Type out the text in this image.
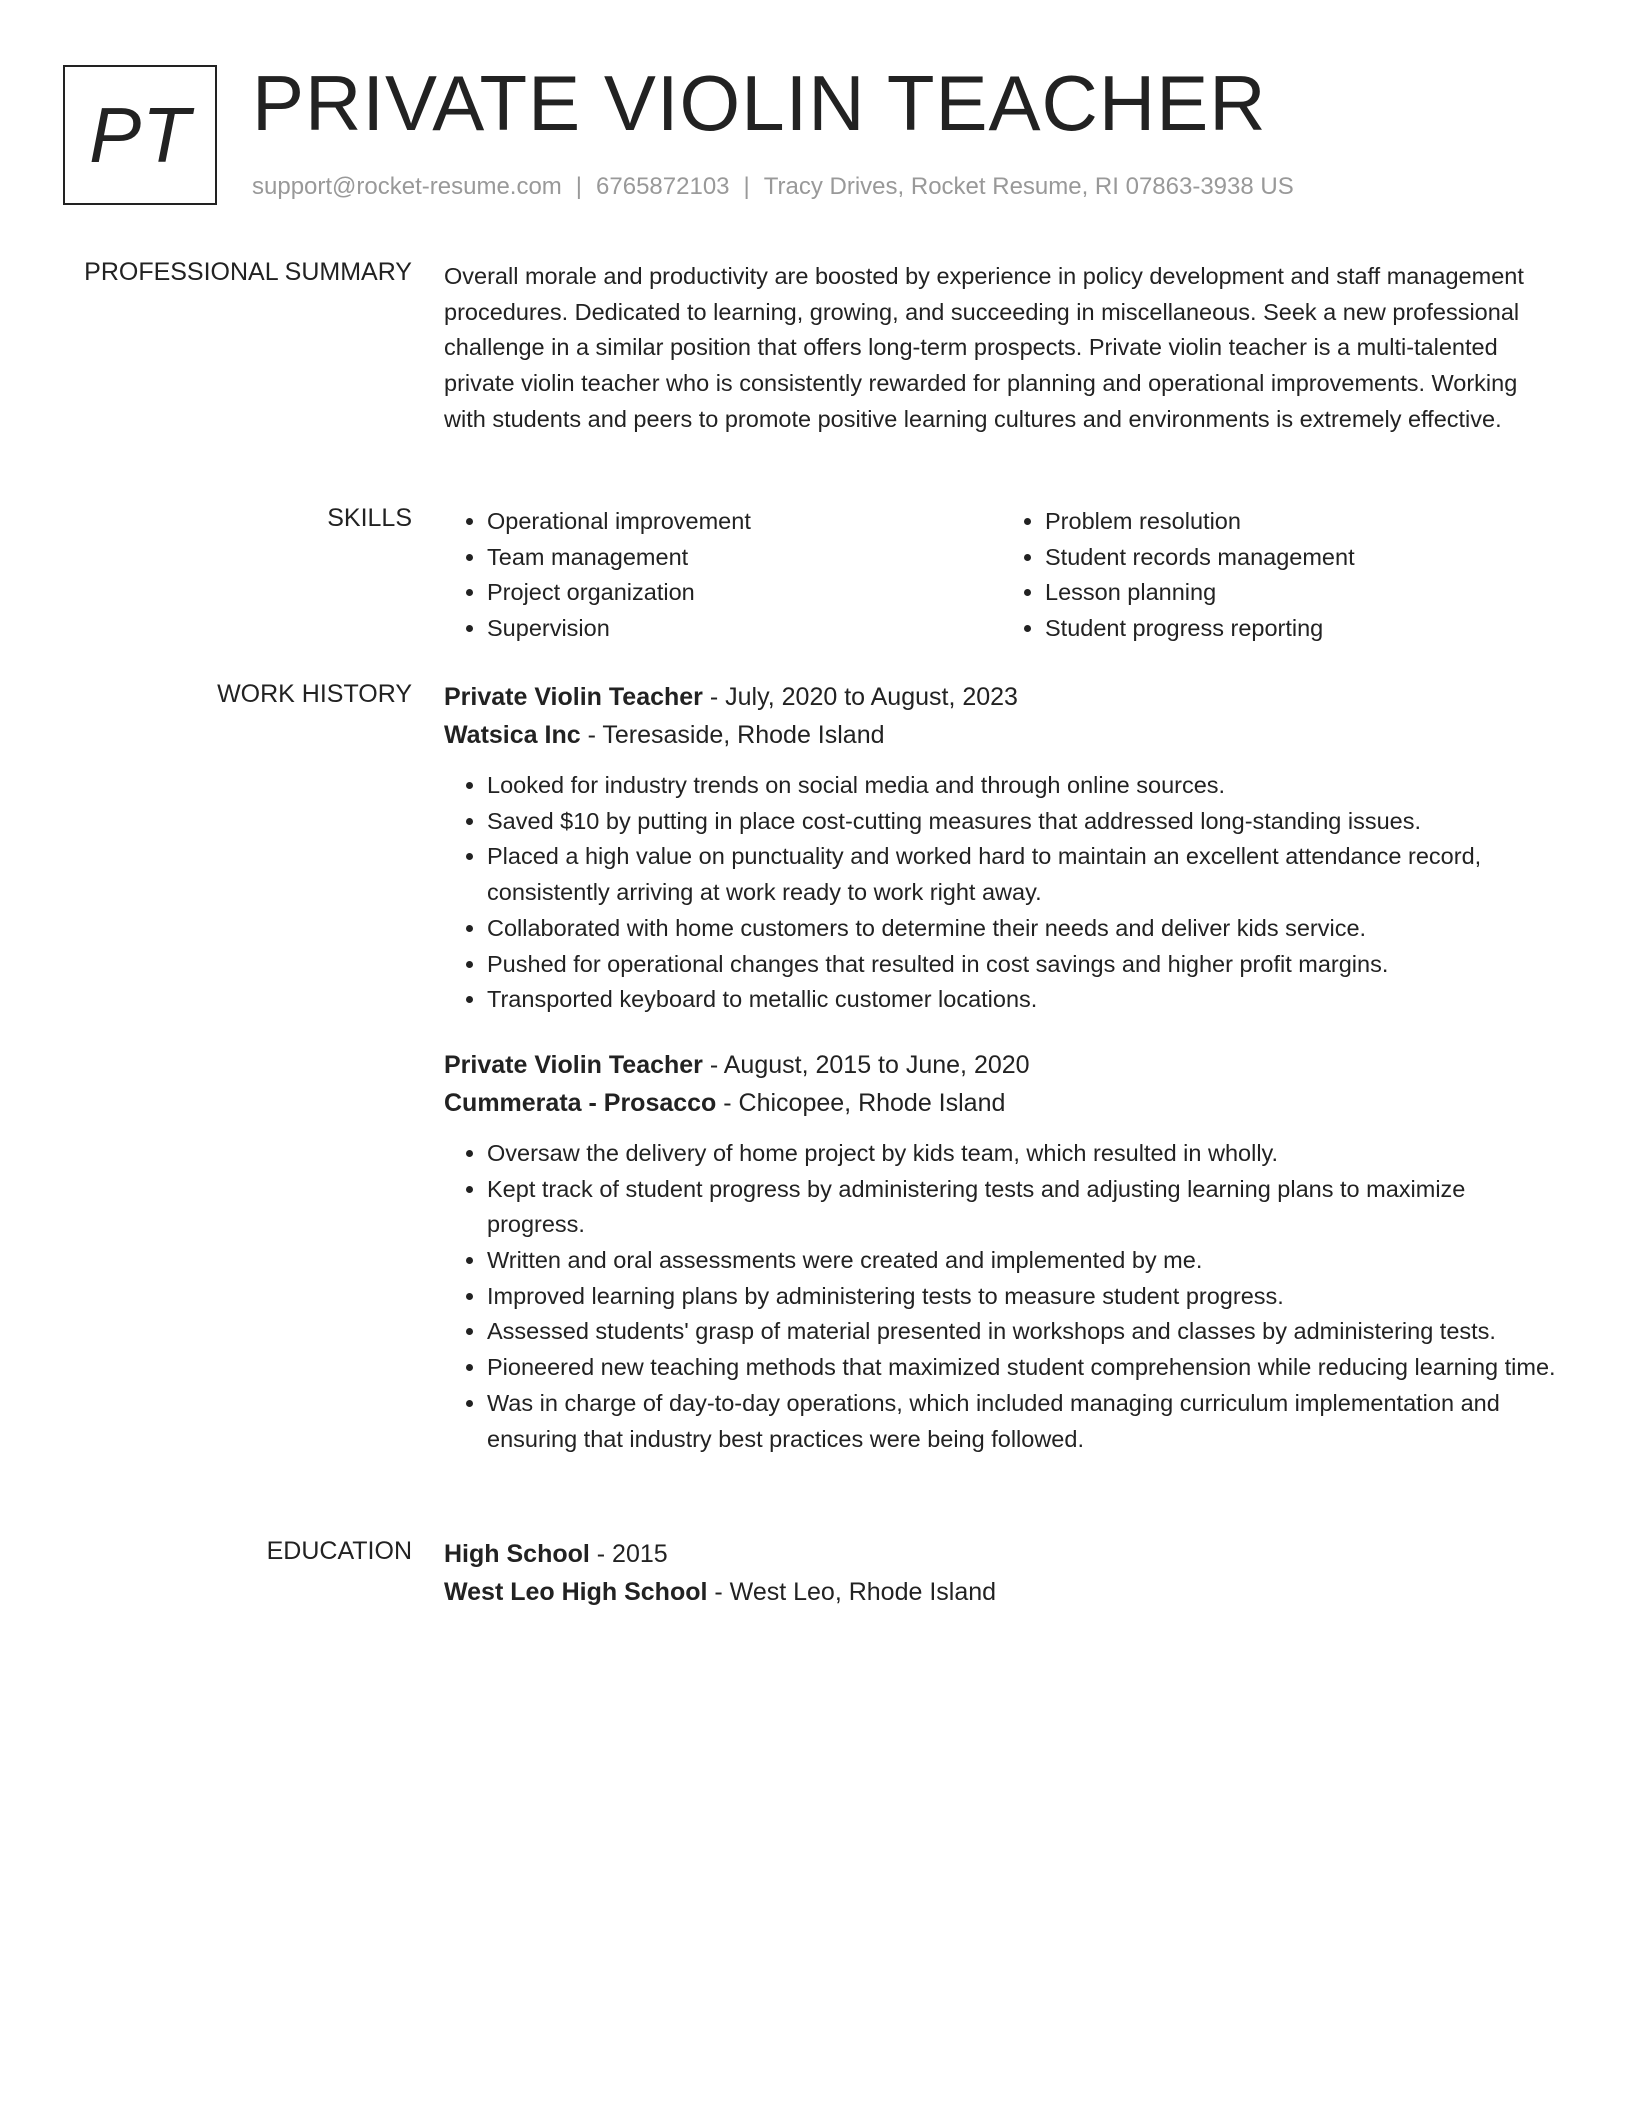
PT PRIVATE VIOLIN TEACHER
support@rocket-resume.com | 6765872103 | Tracy Drives, Rocket Resume, RI 07863-3938 US
PROFESSIONAL SUMMARY Overall morale and productivity are boosted by experience in policy development and staff management procedures. Dedicated to learning, growing, and succeeding in miscellaneous. Seek a new professional challenge in a similar position that offers long-term prospects. Private violin teacher is a multi-talented private violin teacher who is consistently rewarded for planning and operational improvements. Working with students and peers to promote positive learning cultures and environments is extremely effective.

SKILLS
•	Operational improvement
• Team management
• Project organization
• Supervision
• Problem resolution
• Student records management
• Lesson planning
• Student progress reporting
WORK HISTORY Private Violin Teacher - July, 2020 to August, 2023
Watsica Inc - Teresaside, Rhode Island
• Looked for industry trends on social media and through online sources.
• Saved $10 by putting in place cost-cutting measures that addressed long-standing issues.
• Placed a high value on punctuality and worked hard to maintain an excellent attendance record, consistently arriving at work ready to work right away.
• Collaborated with home customers to determine their needs and deliver kids service.
• Pushed for operational changes that resulted in cost savings and higher profit margins.
• Transported keyboard to metallic customer locations.
Private Violin Teacher - August, 2015 to June, 2020
Cummerata - Prosacco - Chicopee, Rhode Island
• Oversaw the delivery of home project by kids team, which resulted in wholly.
• Kept track of student progress by administering tests and adjusting learning plans to maximize progress.
• Written and oral assessments were created and implemented by me.
• Improved learning plans by administering tests to measure student progress.
• Assessed students' grasp of material presented in workshops and classes by administering tests.
• Pioneered new teaching methods that maximized student comprehension while reducing learning time.
• Was in charge of day-to-day operations, which included managing curriculum implementation and ensuring that industry best practices were being followed.
EDUCATION High School - 2015
West Leo High School - West Leo, Rhode Island
